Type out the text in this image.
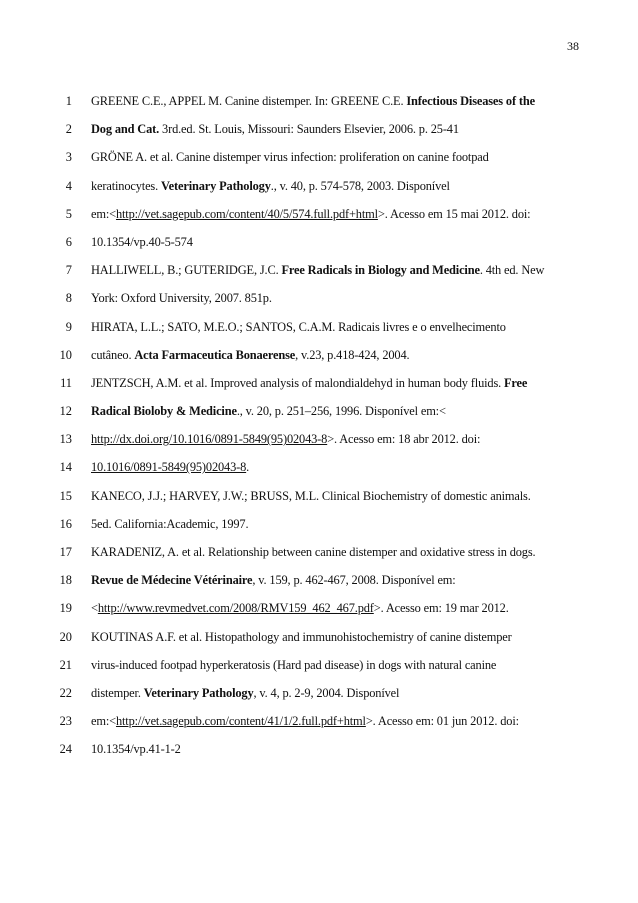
38
1 GREENE C.E., APPEL M. Canine distemper. In: GREENE C.E. Infectious Diseases of the
2 Dog and Cat. 3rd.ed. St. Louis, Missouri: Saunders Elsevier, 2006. p. 25-41
3 GRÖNE A. et al. Canine distemper virus infection: proliferation on canine footpad
4 keratinocytes. Veterinary Pathology., v. 40, p. 574-578, 2003. Disponível
5 em:<http://vet.sagepub.com/content/40/5/574.full.pdf+html>. Acesso em 15 mai 2012. doi:
6 10.1354/vp.40-5-574
7 HALLIWELL, B.; GUTERIDGE, J.C. Free Radicals in Biology and Medicine. 4th ed. New
8 York: Oxford University, 2007. 851p.
9 HIRATA, L.L.; SATO, M.E.O.; SANTOS, C.A.M. Radicais livres e o envelhecimento
10 cutâneo. Acta Farmaceutica Bonaerense, v.23, p.418-424, 2004.
11 JENTZSCH, A.M. et al. Improved analysis of malondialdehyd in human body fluids. Free
12 Radical Bioloby & Medicine., v. 20, p. 251–256, 1996. Disponível em:<
13 http://dx.doi.org/10.1016/0891-5849(95)02043-8>. Acesso em: 18 abr 2012. doi:
14 10.1016/0891-5849(95)02043-8.
15 KANECO, J.J.; HARVEY, J.W.; BRUSS, M.L. Clinical Biochemistry of domestic animals.
16 5ed. California:Academic, 1997.
17 KARADENIZ, A. et al. Relationship between canine distemper and oxidative stress in dogs.
18 Revue de Médecine Vétérinaire, v. 159, p. 462-467, 2008. Disponível em:
19 <http://www.revmedvet.com/2008/RMV159_462_467.pdf>. Acesso em: 19 mar 2012.
20 KOUTINAS A.F. et al. Histopathology and immunohistochemistry of canine distemper
21 virus-induced footpad hyperkeratosis (Hard pad disease) in dogs with natural canine
22 distemper. Veterinary Pathology, v. 4, p. 2-9, 2004. Disponível
23 em:<http://vet.sagepub.com/content/41/1/2.full.pdf+html>. Acesso em: 01 jun 2012. doi:
24 10.1354/vp.41-1-2
